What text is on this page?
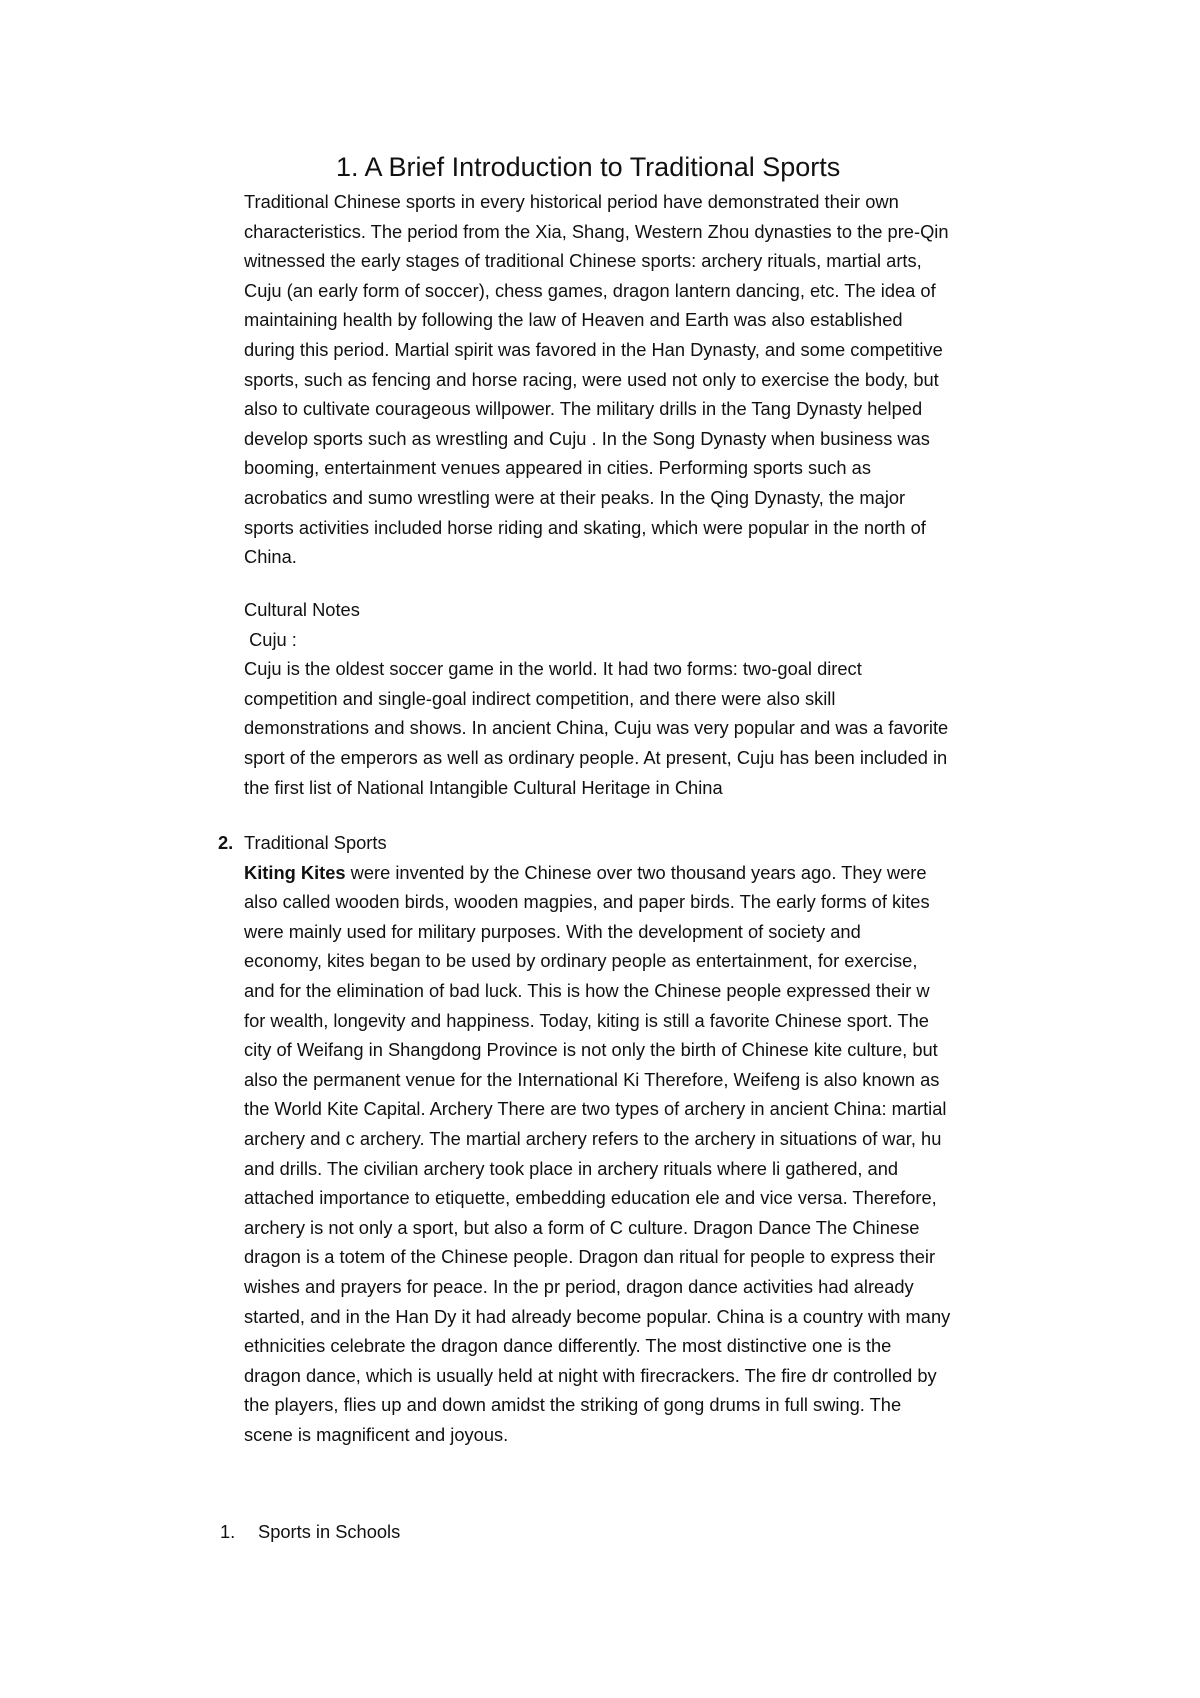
1. A Brief Introduction to Traditional Sports

Traditional Chinese sports in every historical period have demonstrated their own

characteristics. The period from the Xia, Shang, Western Zhou dynasties to the pre-Qin

witnessed the early stages of traditional Chinese sports: archery rituals, martial arts,

Cuju (an early form of soccer), chess games, dragon lantern dancing, etc. The idea of

maintaining health by following the law of Heaven and Earth was also established

during this period. Martial spirit was favored in the Han Dynasty, and some competitive

sports, such as fencing and horse racing, were used not only to exercise the body, but

also to cultivate courageous willpower. The military drills in the Tang Dynasty helped

develop sports such as wrestling and Cuju . In the Song Dynasty when business was

booming, entertainment venues appeared in cities. Performing sports such as

acrobatics and sumo wrestling were at their peaks. In the Qing Dynasty, the major

sports activities included horse riding and skating, which were popular in the north of

China.

Cultural Notes

Cuju :

Cuju is the oldest soccer game in the world. It had two forms: two-goal direct

competition and single-goal indirect competition, and there were also skill

demonstrations and shows. In ancient China, Cuju was very popular and was a favorite

sport of the emperors as well as ordinary people. At present, Cuju has been included in

the first list of National Intangible Cultural Heritage in China

2. Traditional Sports

Kiting Kites were invented by the Chinese over two thousand years ago. They were

also called wooden birds, wooden magpies, and paper birds. The early forms of kites

were mainly used for military purposes. With the development of society and

economy, kites began to be used by ordinary people as entertainment, for exercise,

and for the elimination of bad luck. This is how the Chinese people expressed their w

for wealth, longevity and happiness. Today, kiting is still a favorite Chinese sport. The

city of Weifang in Shangdong Province is not only the birth of Chinese kite culture, but

also the permanent venue for the International Ki Therefore, Weifeng is also known as

the World Kite Capital. Archery There are two types of archery in ancient China: martial

archery and c archery. The martial archery refers to the archery in situations of war, hu

and drills. The civilian archery took place in archery rituals where li gathered, and

attached importance to etiquette, embedding education ele and vice versa. Therefore,

archery is not only a sport, but also a form of C culture. Dragon Dance The Chinese

dragon is a totem of the Chinese people. Dragon dan ritual for people to express their

wishes and prayers for peace. In the pr period, dragon dance activities had already

started, and in the Han Dy it had already become popular. China is a country with many

ethnicities celebrate the dragon dance differently. The most distinctive one is the

dragon dance, which is usually held at night with firecrackers. The fire dr controlled by

the players, flies up and down amidst the striking of gong drums in full swing. The

scene is magnificent and joyous.

1. Sports in Schools
